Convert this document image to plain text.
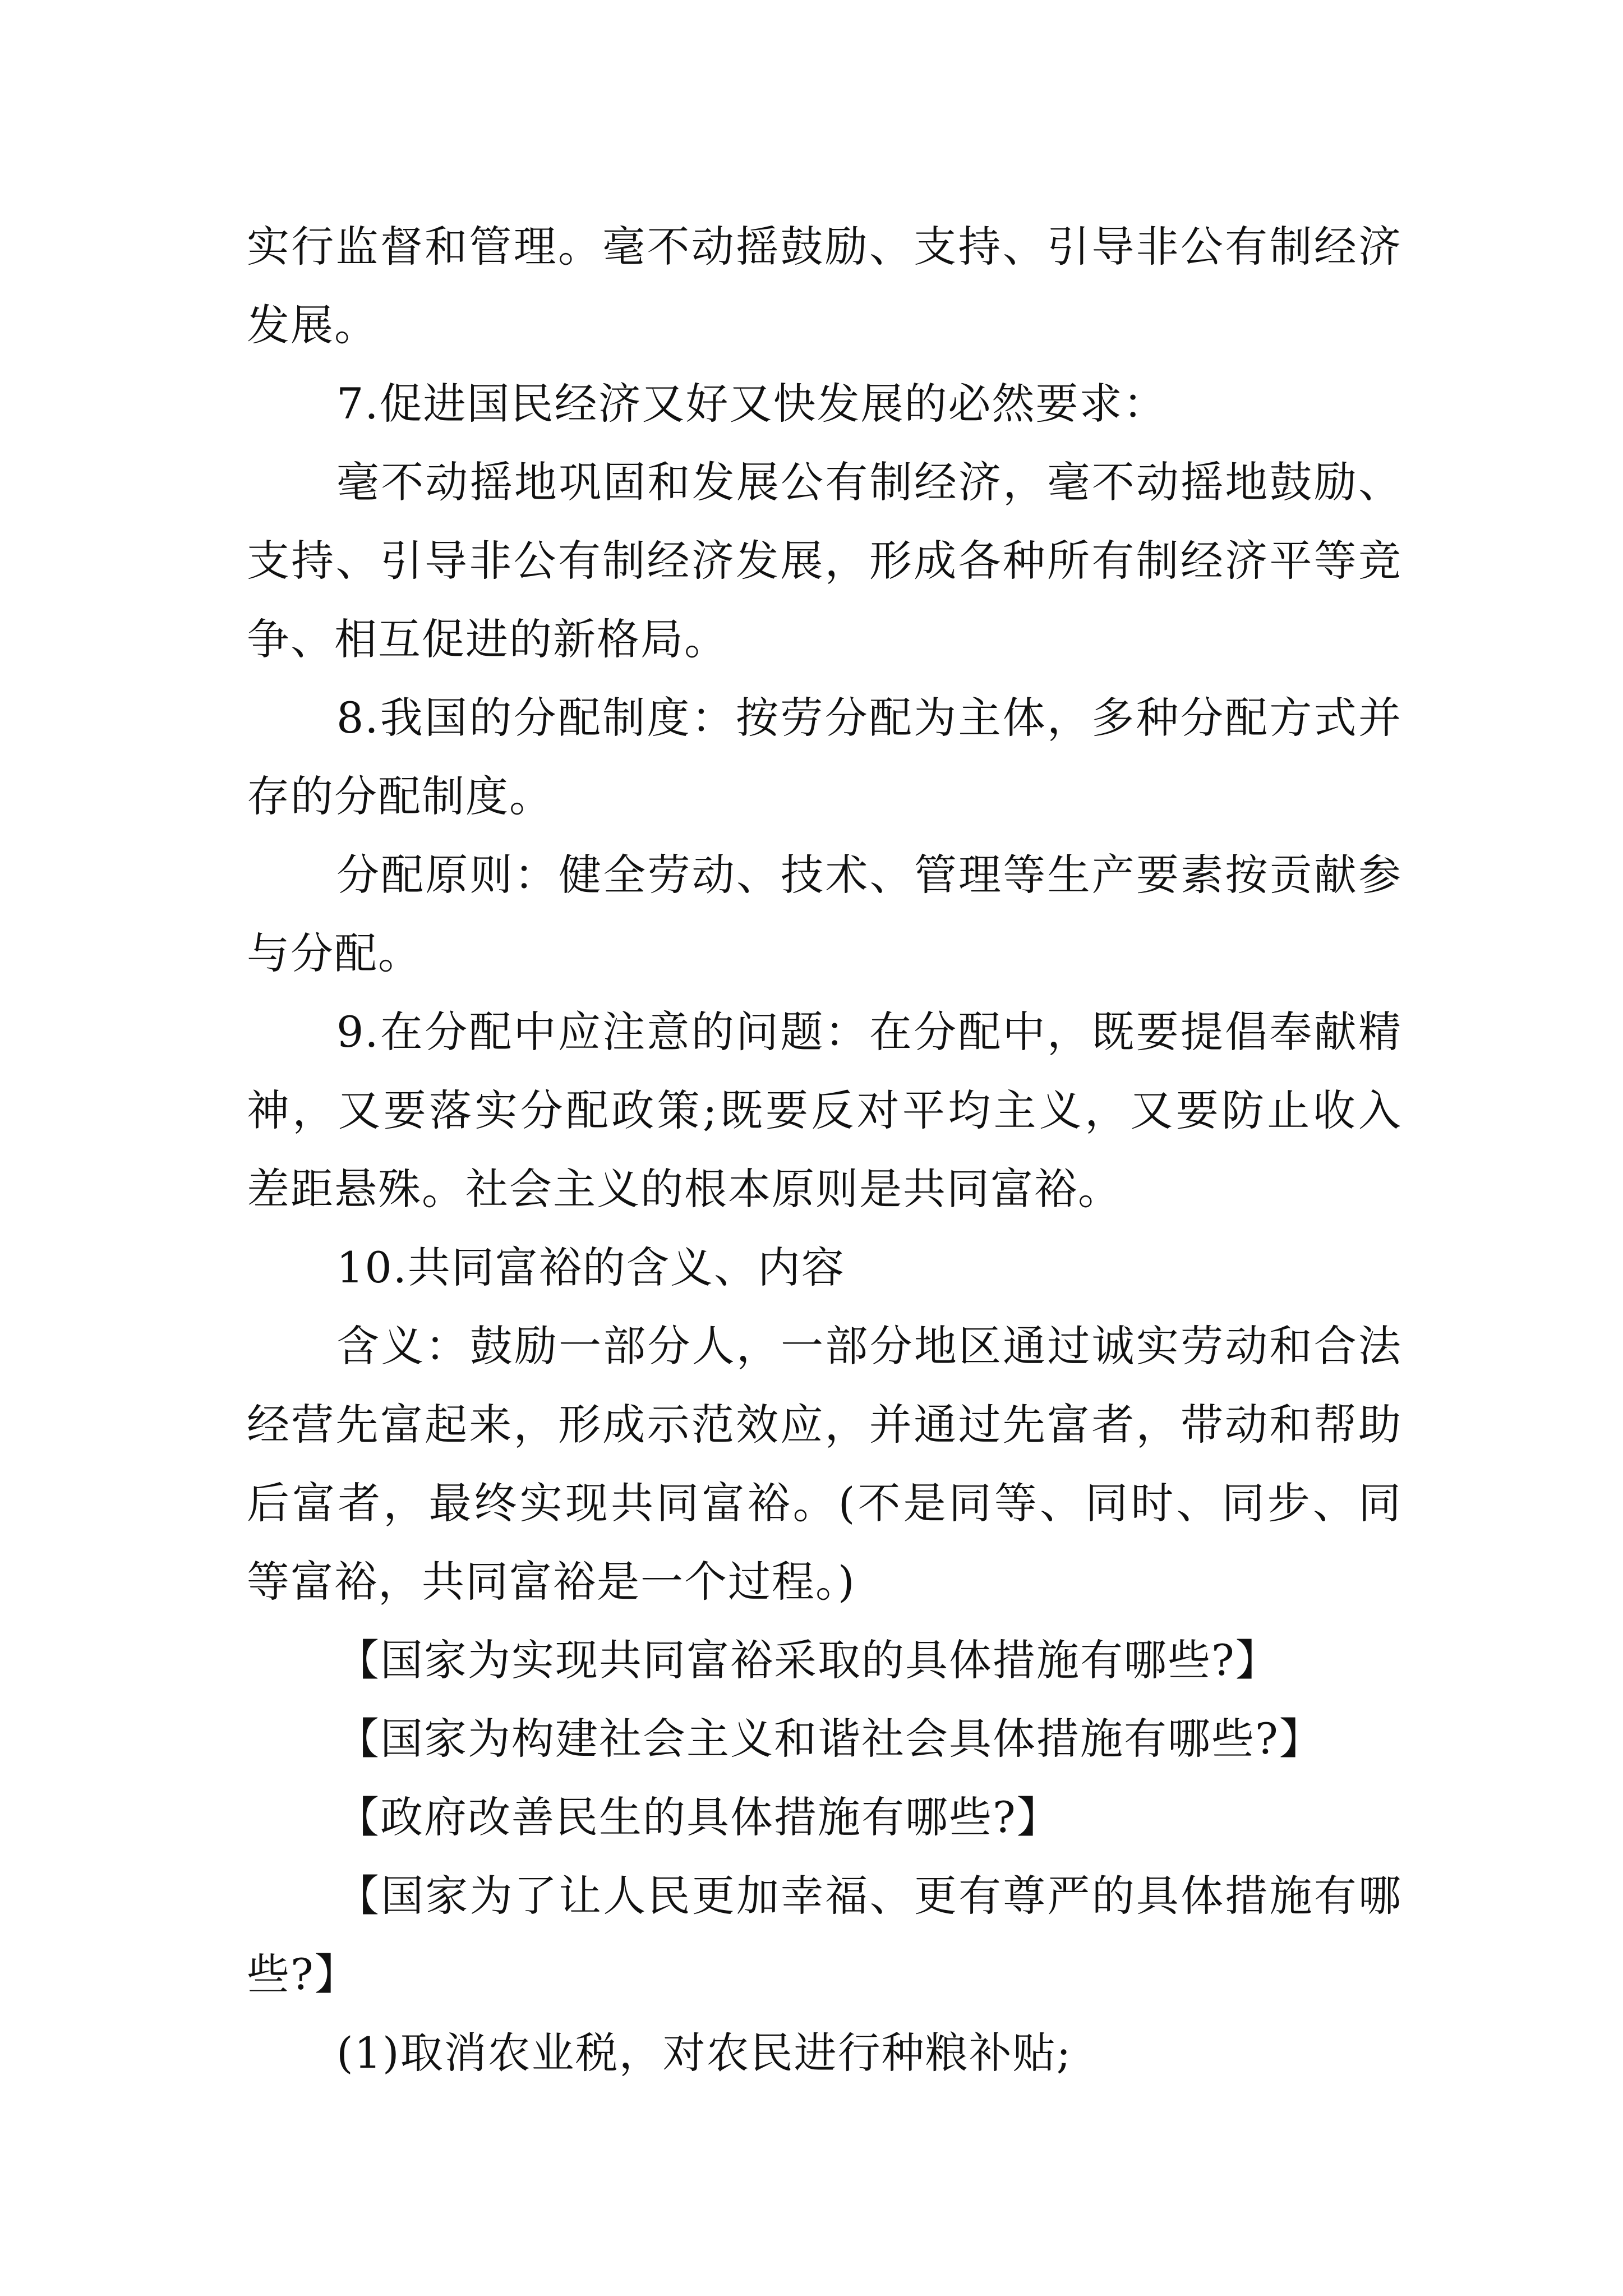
实行监督和管理。毫不动摇鼓励、支持、引导非公有制经济
发展。
7.促进国民经济又好又快发展的必然要求：
毫不动摇地巩固和发展公有制经济，毫不动摇地鼓励、
支持、引导非公有制经济发展，形成各种所有制经济平等竞
争、相互促进的新格局。
8.我国的分配制度：按劳分配为主体，多种分配方式并
存的分配制度。
分配原则：健全劳动、技术、管理等生产要素按贡献参
与分配。
9.在分配中应注意的问题：在分配中，既要提倡奉献精
神，又要落实分配政策;既要反对平均主义，又要防止收入
差距悬殊。社会主义的根本原则是共同富裕。
10.共同富裕的含义、内容
含义：鼓励一部分人，一部分地区通过诚实劳动和合法
经营先富起来，形成示范效应，并通过先富者，带动和帮助
后富者，最终实现共同富裕。(不是同等、同时、同步、同
等富裕，共同富裕是一个过程。)
【国家为实现共同富裕采取的具体措施有哪些?】
【国家为构建社会主义和谐社会具体措施有哪些?】
【政府改善民生的具体措施有哪些?】
【国家为了让人民更加幸福、更有尊严的具体措施有哪
些?】
(1)取消农业税，对农民进行种粮补贴;
